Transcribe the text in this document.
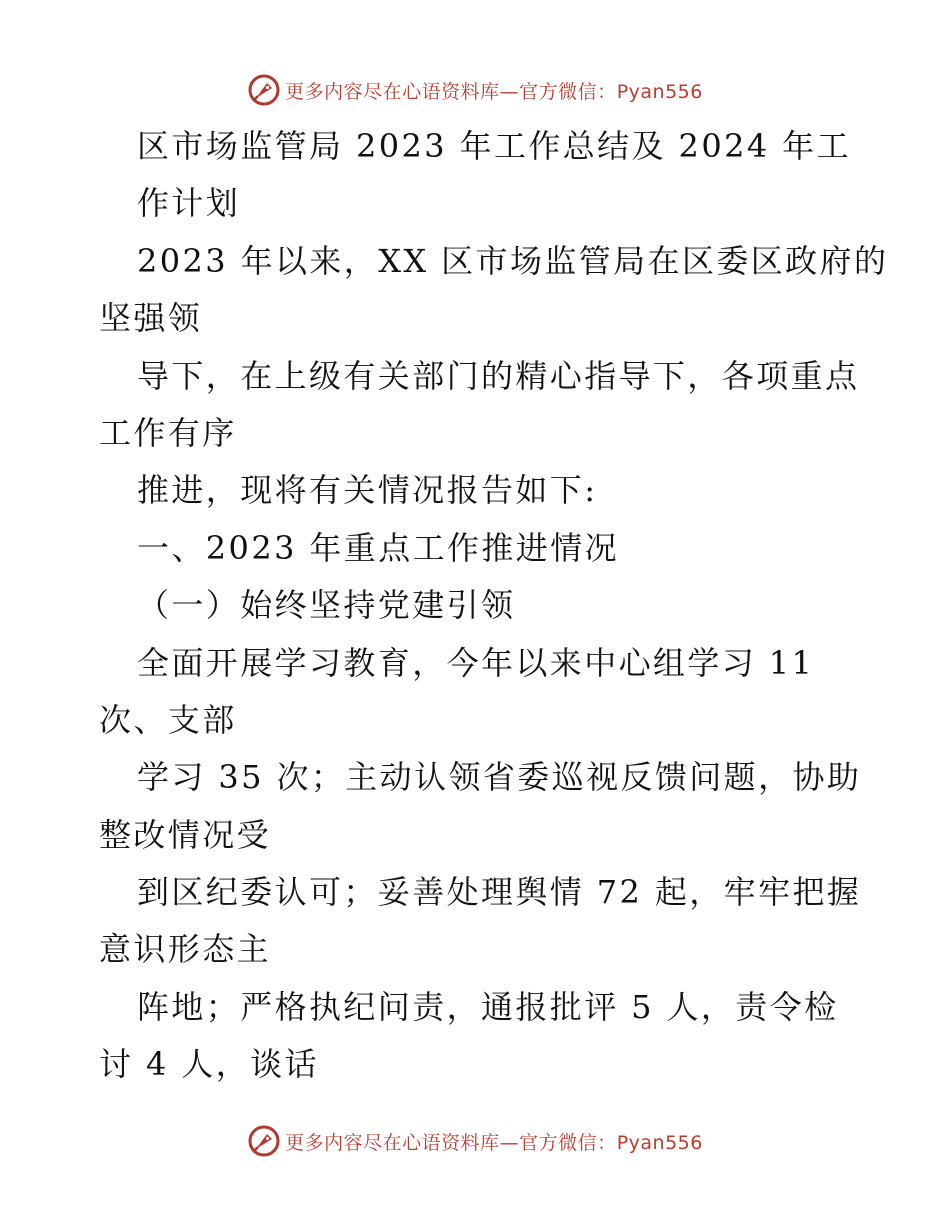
更多内容尽在心语资料库—官方微信：Pyan556
区市场监管局 2023 年工作总结及 2024 年工
作计划
2023 年以来，XX 区市场监管局在区委区政府的
坚强领
导下，在上级有关部门的精心指导下，各项重点
工作有序
推进，现将有关情况报告如下:
一、2023 年重点工作推进情况
（一）始终坚持党建引领
全面开展学习教育，今年以来中心组学习 11
次、支部
学习 35 次；主动认领省委巡视反馈问题，协助
整改情况受
到区纪委认可；妥善处理舆情 72 起，牢牢把握
意识形态主
阵地；严格执纪问责，通报批评 5 人，责令检
讨 4 人，谈话
更多内容尽在心语资料库—官方微信：Pyan556
